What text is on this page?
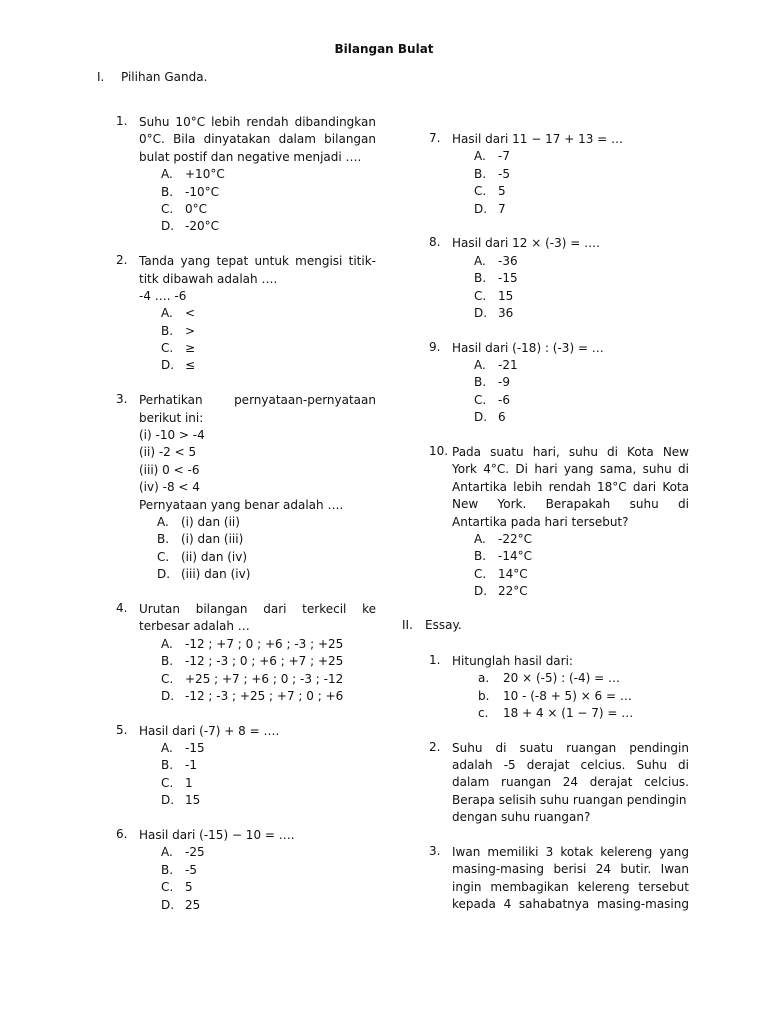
Bilangan Bulat
I. Pilihan Ganda.
1. Suhu 10°C lebih rendah dibandingkan
0°C. Bila dinyatakan dalam bilangan
bulat postif dan negative menjadi ….
A. +10°C
B. -10°C
C. 0°C
D. -20°C
2. Tanda yang tepat untuk mengisi titik-
titk dibawah adalah ….
-4 …. -6
A. <
B. >
C. ≥
D. ≤
3. Perhatikan pernyataan-pernyataan
berikut ini:
(i) -10 > -4
(ii) -2 < 5
(iii) 0 < -6
(iv) -8 < 4
Pernyataan yang benar adalah ….
A. (i) dan (ii)
B. (i) dan (iii)
C. (ii) dan (iv)
D. (iii) dan (iv)
4. Urutan bilangan dari terkecil ke
terbesar adalah …
A. -12 ; +7 ; 0 ; +6 ; -3 ; +25
B. -12 ; -3 ; 0 ; +6 ; +7 ; +25
C. +25 ; +7 ; +6 ; 0 ; -3 ; -12
D. -12 ; -3 ; +25 ; +7 ; 0 ; +6
5. Hasil dari (-7) + 8 = ….
A. -15
B. -1
C. 1
D. 15
6. Hasil dari (-15) − 10 = ….
A. -25
B. -5
C. 5
D. 25
7. Hasil dari 11 − 17 + 13 = …
A. -7
B. -5
C. 5
D. 7
8. Hasil dari 12 × (-3) = ….
A. -36
B. -15
C. 15
D. 36
9. Hasil dari (-18) : (-3) = …
A. -21
B. -9
C. -6
D. 6
10. Pada suatu hari, suhu di Kota New
York 4°C. Di hari yang sama, suhu di
Antartika lebih rendah 18°C dari Kota
New York. Berapakah suhu di
Antartika pada hari tersebut?
A. -22°C
B. -14°C
C. 14°C
D. 22°C
II. Essay.
1. Hitunglah hasil dari:
a. 20 × (-5) : (-4) = …
b. 10 - (-8 + 5) × 6 = …
c. 18 + 4 × (1 − 7) = …
2. Suhu di suatu ruangan pendingin
adalah -5 derajat celcius. Suhu di
dalam ruangan 24 derajat celcius.
Berapa selisih suhu ruangan pendingin
dengan suhu ruangan?
3. Iwan memiliki 3 kotak kelereng yang
masing-masing berisi 24 butir. Iwan
ingin membagikan kelereng tersebut
kepada 4 sahabatnya masing-masing
